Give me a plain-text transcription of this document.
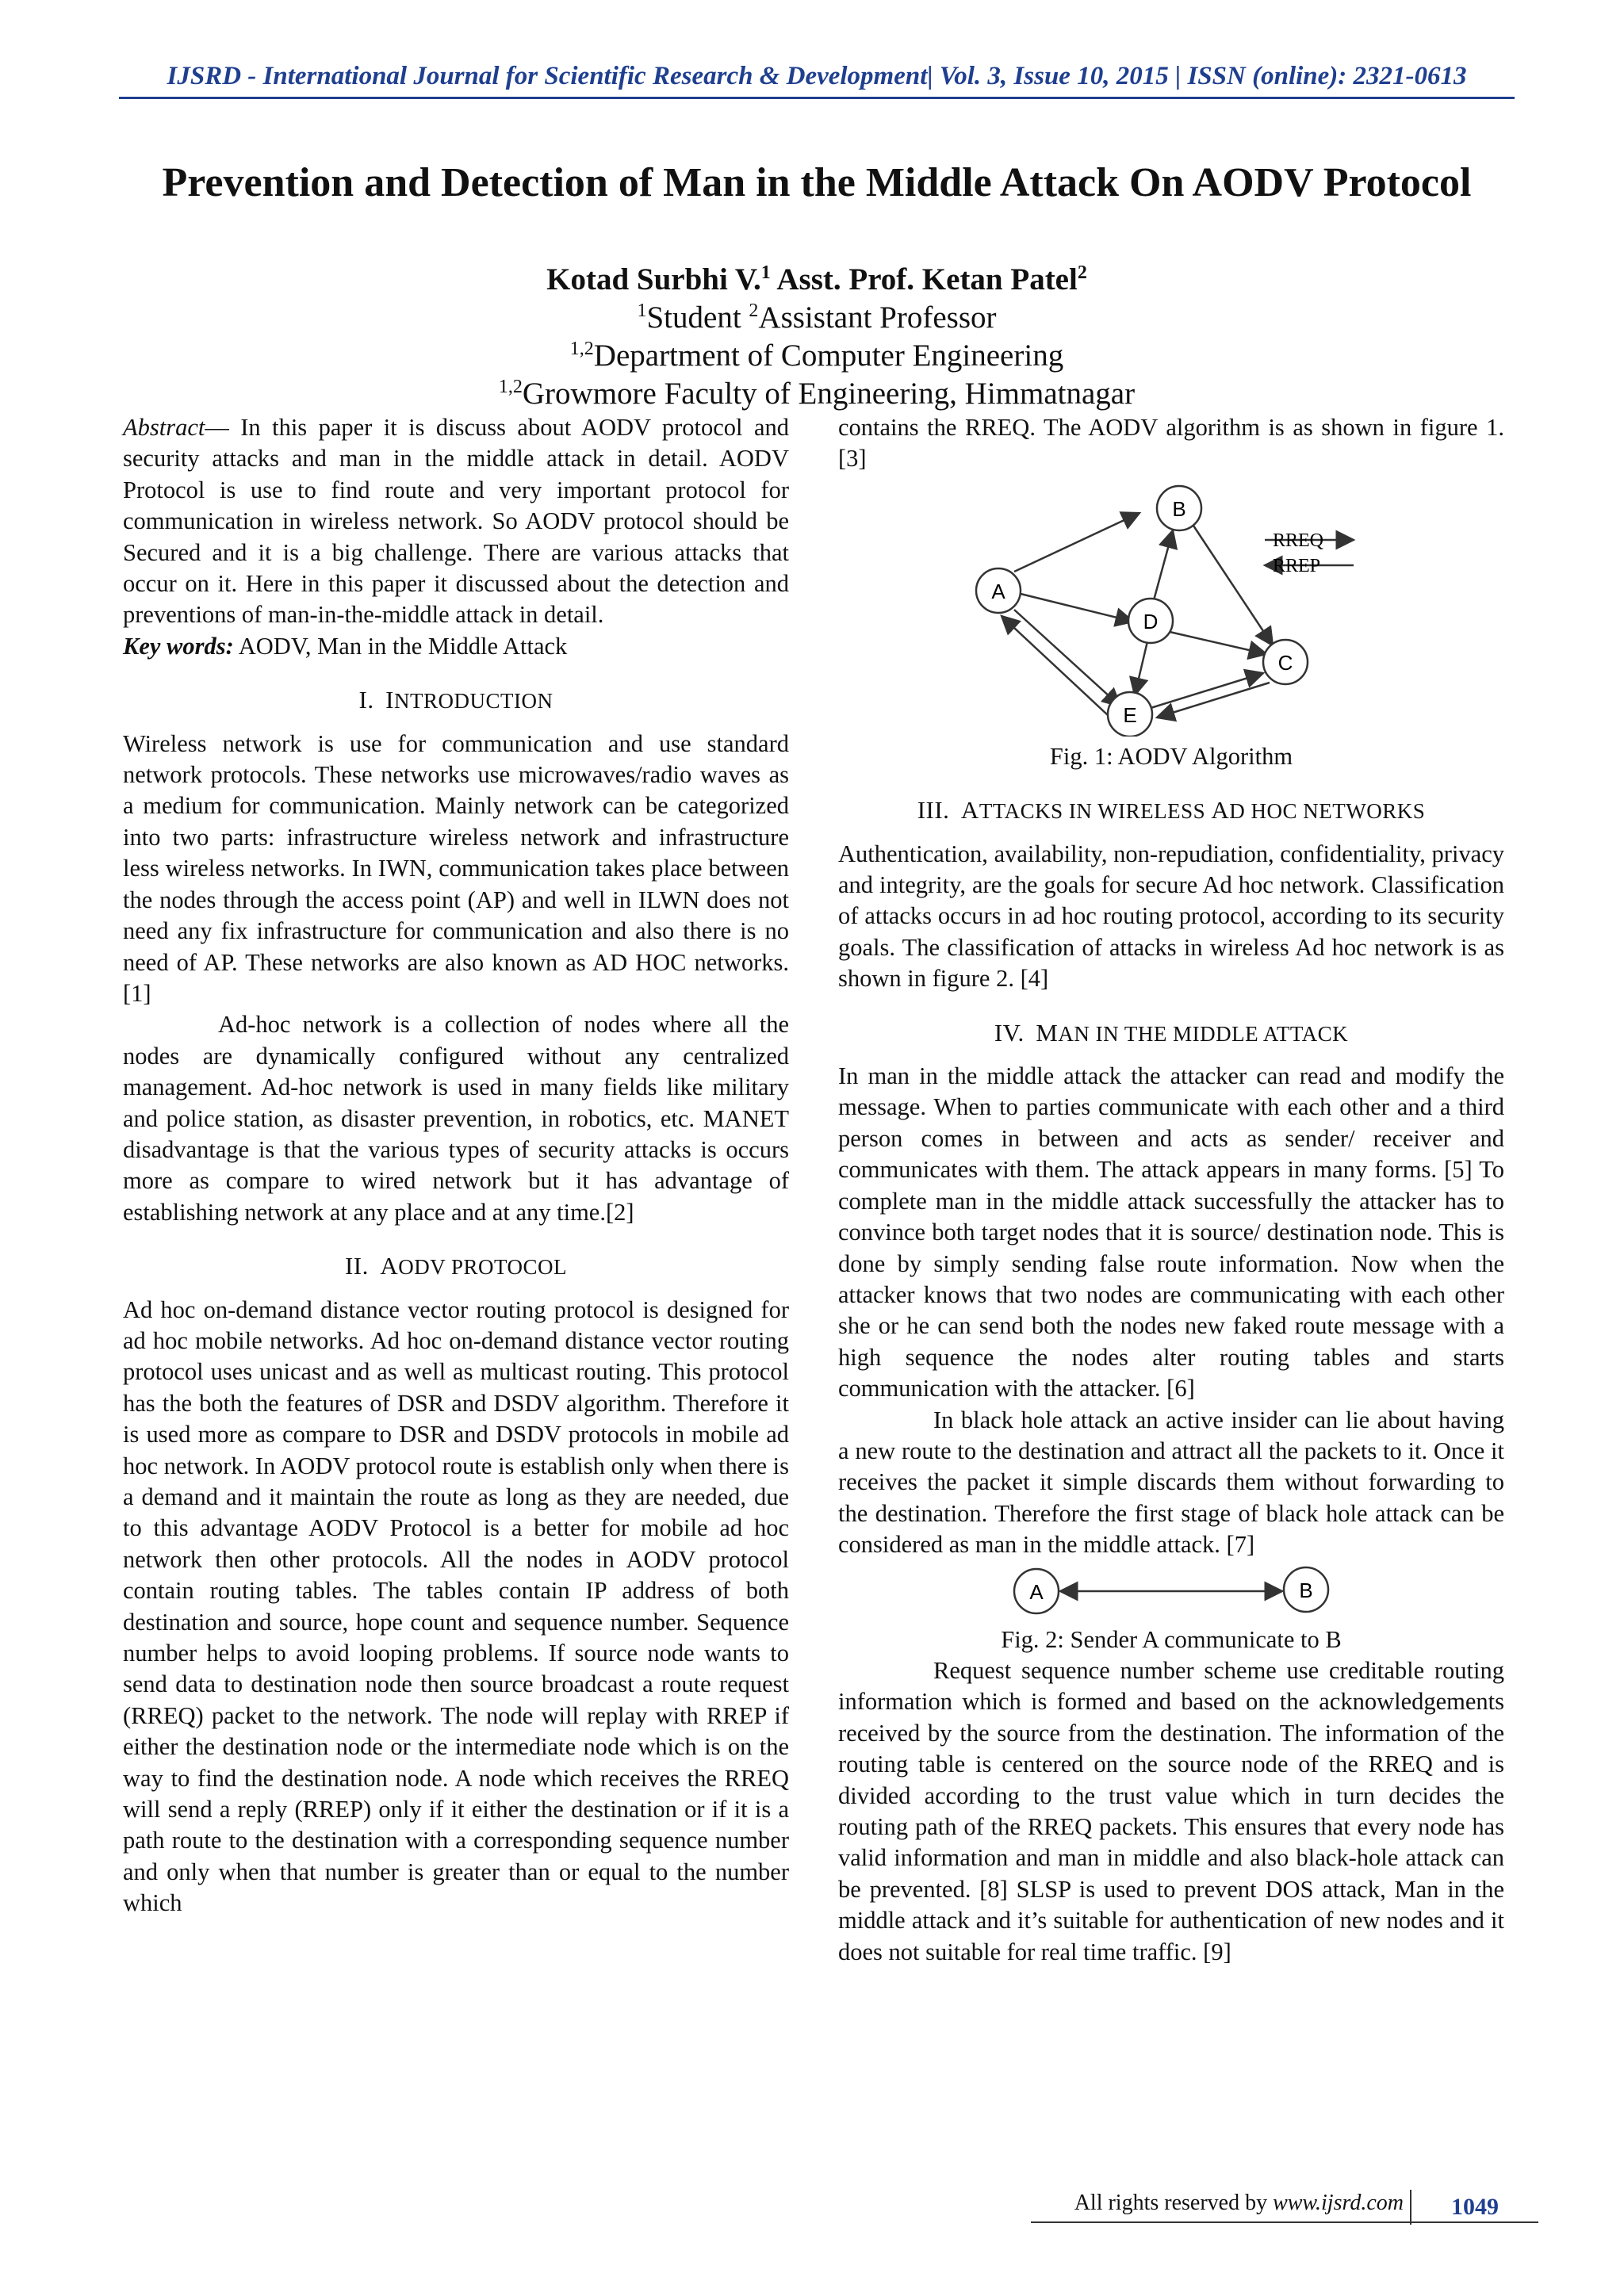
IJSRD - International Journal for Scientific Research & Development| Vol. 3, Issue 10, 2015 | ISSN (online): 2321-0613
Prevention and Detection of Man in the Middle Attack On AODV Protocol
Kotad Surbhi V.$^1$ Asst. Prof. Ketan Patel$^2$
$^1$Student $^2$Assistant Professor
$^{1,2}$Department of Computer Engineering
$^{1,2}$Growmore Faculty of Engineering, Himmatnagar

Abstract— In this paper it is discuss about AODV protocol and security attacks and man in the middle attack in detail. AODV Protocol is use to find route and very important protocol for communication in wireless network. So AODV protocol should be Secured and it is a big challenge. There are various attacks that occur on it. Here in this paper it discussed about the detection and preventions of man-in-the-middle attack in detail.

Key words: AODV, Man in the Middle Attack

I. INTRODUCTION

Wireless network is use for communication and use standard network protocols. These networks use microwaves/radio waves as a medium for communication. Mainly network can be categorized into two parts: infrastructure wireless network and infrastructure less wireless networks. In IWN, communication takes place between the nodes through the access point (AP) and well in ILWN does not need any fix infrastructure for communication and also there is no need of AP. These networks are also known as AD HOC networks. [1]

Ad-hoc network is a collection of nodes where all the nodes are dynamically configured without any centralized management. Ad-hoc network is used in many fields like military and police station, as disaster prevention, in robotics, etc. MANET disadvantage is that the various types of security attacks is occurs more as compare to wired network but it has advantage of establishing network at any place and at any time.[2]

II. AODV PROTOCOL

Ad hoc on-demand distance vector routing protocol is designed for ad hoc mobile networks. Ad hoc on-demand distance vector routing protocol uses unicast and as well as multicast routing. This protocol has the both the features of DSR and DSDV algorithm. Therefore it is used more as compare to DSR and DSDV protocols in mobile ad hoc network. In AODV protocol route is establish only when there is a demand and it maintain the route as long as they are needed, due to this advantage AODV Protocol is a better for mobile ad hoc network then other protocols. All the nodes in AODV protocol contain routing tables. The tables contain IP address of both destination and source, hope count and sequence number. Sequence number helps to avoid looping problems. If source node wants to send data to destination node then source broadcast a route request (RREQ) packet to the network. The node will replay with RREP if either the destination node or the intermediate node which is on the way to find the destination node. A node which receives the RREQ will send a reply (RREP) only if it either the destination or if it is a path route to the destination with a corresponding sequence number and only when that number is greater than or equal to the number which

contains the RREQ. The AODV algorithm is as shown in figure 1. [3]

A
B
D
C
E
RREQ
RREP

Fig. 1: AODV Algorithm

III. ATTACKS IN WIRELESS AD HOC NETWORKS

Authentication, availability, non-repudiation, confidentiality, privacy and integrity, are the goals for secure Ad hoc network. Classification of attacks occurs in ad hoc routing protocol, according to its security goals. The classification of attacks in wireless Ad hoc network is as shown in figure 2. [4]

IV. MAN IN THE MIDDLE ATTACK

In man in the middle attack the attacker can read and modify the message. When to parties communicate with each other and a third person comes in between and acts as sender/ receiver and communicates with them. The attack appears in many forms. [5] To complete man in the middle attack successfully the attacker has to convince both target nodes that it is source/ destination node. This is done by simply sending false route information. Now when the attacker knows that two nodes are communicating with each other she or he can send both the nodes new faked route message with a high sequence the nodes alter routing tables and starts communication with the attacker. [6]

In black hole attack an active insider can lie about having a new route to the destination and attract all the packets to it. Once it receives the packet it simple discards them without forwarding to the destination. Therefore the first stage of black hole attack can be considered as man in the middle attack. [7]

A	B

Fig. 2: Sender A communicate to B

Request sequence number scheme use creditable routing information which is formed and based on the acknowledgements received by the source from the destination. The information of the routing table is centered on the source node of the RREQ and is divided according to the trust value which in turn decides the routing path of the RREQ packets. This ensures that every node has valid information and man in middle and also black-hole attack can be prevented. [8] SLSP is used to prevent DOS attack, Man in the middle attack and it’s suitable for authentication of new nodes and it does not suitable for real time traffic. [9]

All rights reserved by www.ijsrd.com	1049
